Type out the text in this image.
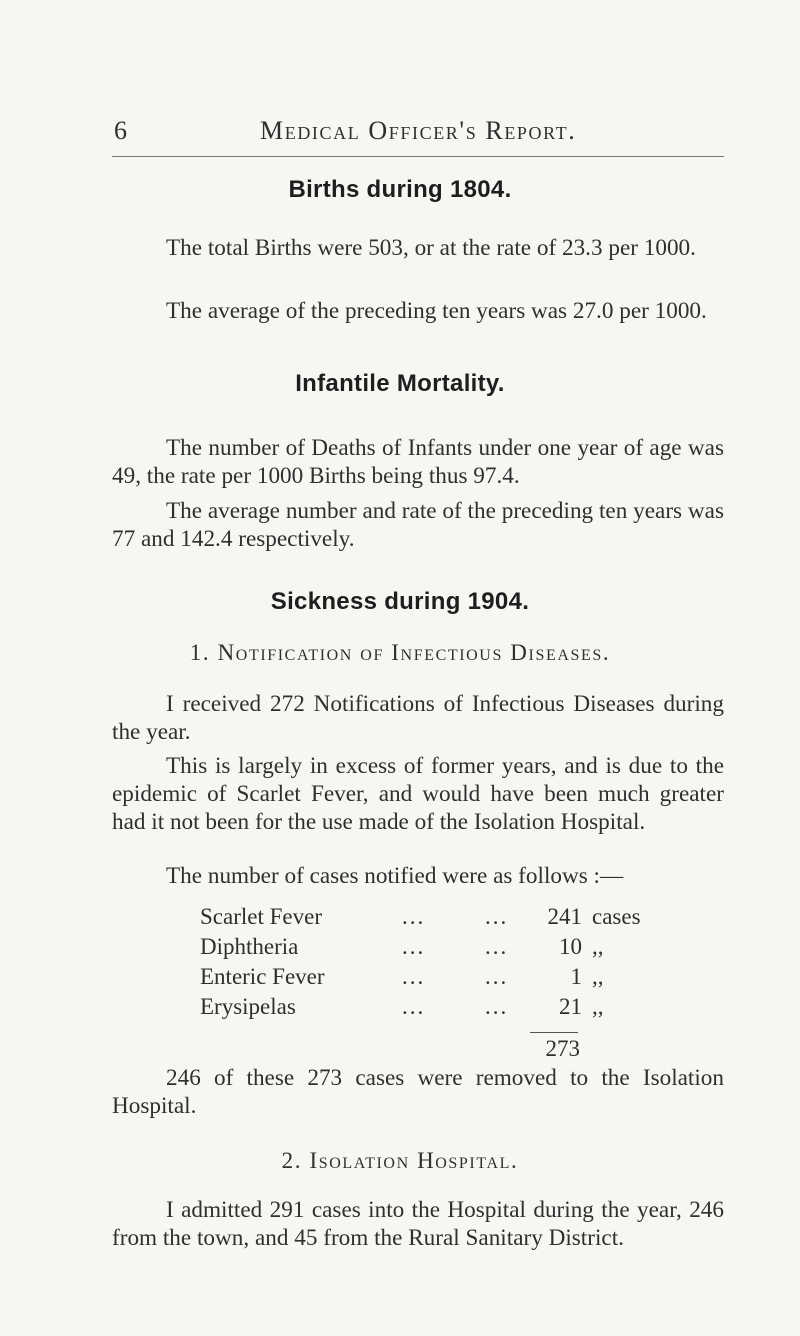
6	Medical Officer's Report.
Births during 1804.

The total Births were 503, or at the rate of 23.3 per 1000.

The average of the preceding ten years was 27.0 per 1000.

Infantile Mortality.

The number of Deaths of Infants under one year of age was 49, the rate per 1000 Births being thus 97.4.

The average number and rate of the preceding ten years was 77 and 142.4 respectively.

Sickness during 1904.
1. Notification of Infectious Diseases.

I received 272 Notifications of Infectious Diseases during the year.

This is largely in excess of former years, and is due to the epidemic of Scarlet Fever, and would have been much greater had it not been for the use made of the Isolation Hospital.

The number of cases notified were as follows :—

Scarlet Fever	...	...	241 cases
Diphtheria	...	...	10 ,,
Enteric Fever	...	...	1 ,,
Erysipelas	...	...	21 ,,
273

246 of these 273 cases were removed to the Isolation Hospital.

2. Isolation Hospital.

I admitted 291 cases into the Hospital during the year, 246 from the town, and 45 from the Rural Sanitary District.
